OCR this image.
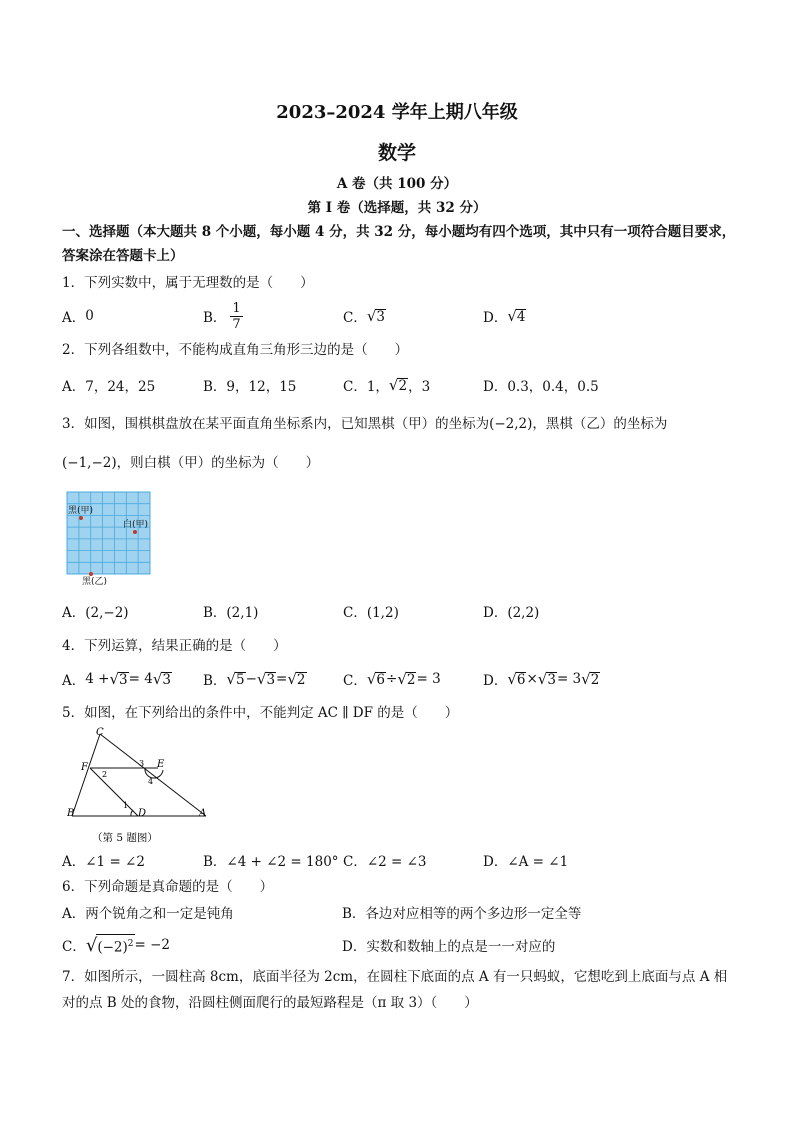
2023–2024 学年上期八年级
数学
A 卷（共 100 分）
第 I 卷（选择题，共 32 分）
一、选择题（本大题共 8 个小题，每小题 4 分，共 32 分，每小题均有四个选项，其中只有一项符合题目要求，答案涂在答题卡上）
1．下列实数中，属于无理数的是（　　）
A． 0	B． $\frac{1}{7}$	C． √ 3	D． √ 4
2．下列各组数中，不能构成直角三角形三边的是（　　）
A．7，24，25	B．9，12，15	C．1， √ 2 ，3	D．0.3，0.4，0.5
3．如图，围棋棋盘放在某平面直角坐标系内，已知黑棋（甲）的坐标为(−2,2)，黑棋（乙）的坐标为
(−1,−2)，则白棋（甲）的坐标为（　　）
黑(甲)
白(甲)
黑(乙)
A．(2,−2)	B．(2,1)	C．(1,2)	D．(2,2)
4．下列运算，结果正确的是（　　）
A． 4 + √ 3 = 4 √ 3 B． √ 5 − √ 3 = √ 2	C． √ 6 ÷ √ 2 = 3	D． √ 6 × √ 3 = 3 √ 2
5．如图，在下列给出的条件中，不能判定 AC ∥ DF 的是（　　）
C
F	E
B	D	A
1
2
3
4
（第 5 题图）
A．∠1 = ∠2	B．∠4 + ∠2 = 180° C．∠2 = ∠3	D．∠A = ∠1
6．下列命题是真命题的是（　　）
A．两个锐角之和一定是钝角	B．各边对应相等的两个多边形一定全等
C． √ $(-2)^2 = -2$	D．实数和数轴上的点是一一对应的
7．如图所示，一圆柱高 8cm，底面半径为 2cm，在圆柱下底面的点 A 有一只蚂蚁，它想吃到上底面与点 A 相
对的点 B 处的食物，沿圆柱侧面爬行的最短路程是（π 取 3）（　　）
